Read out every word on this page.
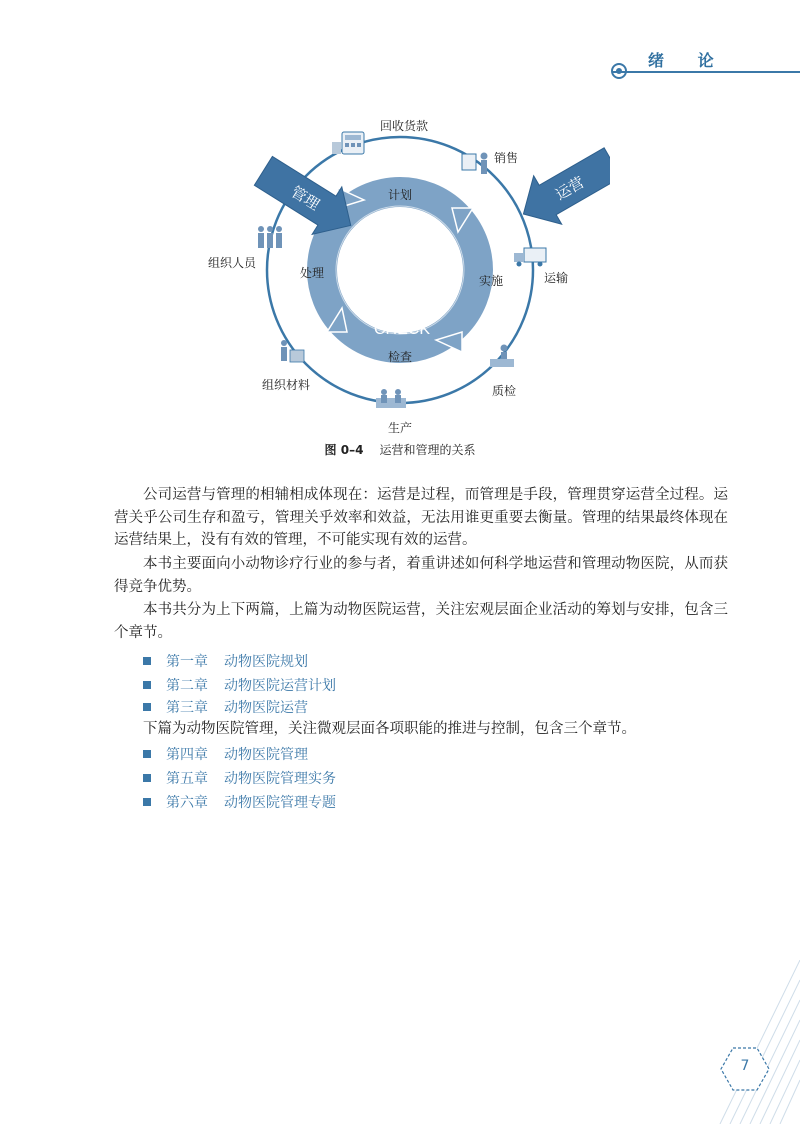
绪 论
PLAN
DO
CHECK
ACTION
计划
实施
检查
处理
管理	运营
回收货款
销售
运输
质检
生产
组织材料
组织人员
图 0–4 运营和管理的关系

公司运营与管理的相辅相成体现在：运营是过程，而管理是手段，管理贯穿运营全过程。运营关乎公司生存和盈亏，管理关乎效率和效益，无法用谁更重要去衡量。管理的结果最终体现在运营结果上，没有有效的管理，不可能实现有效的运营。

本书主要面向小动物诊疗行业的参与者，着重讲述如何科学地运营和管理动物医院，从而获得竞争优势。

本书共分为上下两篇，上篇为动物医院运营，关注宏观层面企业活动的筹划与安排，包含三个章节。

第一章 动物医院规划
第二章 动物医院运营计划
第三章 动物医院运营

下篇为动物医院管理，关注微观层面各项职能的推进与控制，包含三个章节。

第四章 动物医院管理
第五章 动物医院管理实务
第六章 动物医院管理专题
7
